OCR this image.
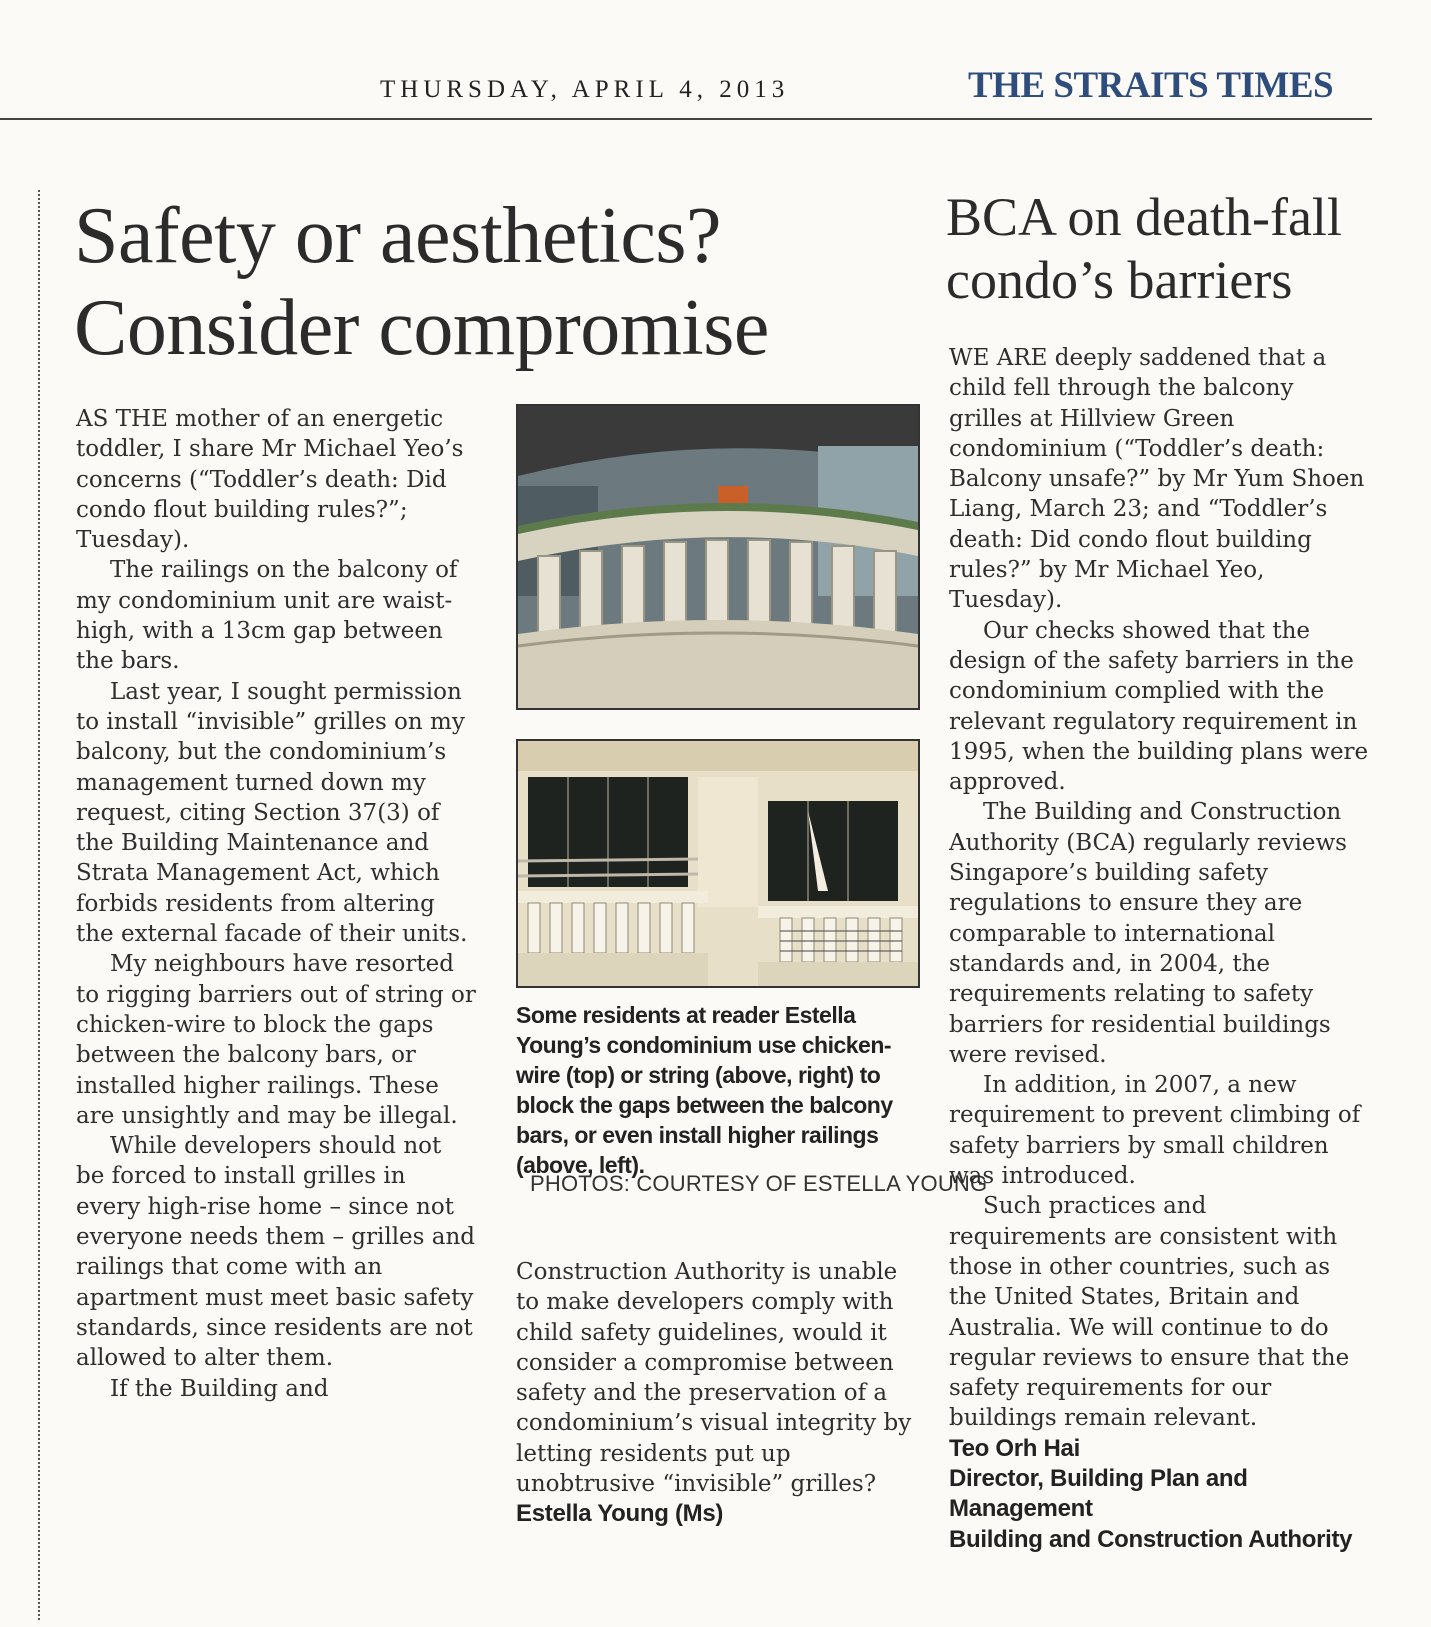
THURSDAY, APRIL 4, 2013	THE STRAITS TIMES
Safety or aesthetics?
Consider compromise
BCA on death-fall
condo’s barriers

AS THE mother of an energetic toddler, I share Mr Michael Yeo’s concerns (“Toddler’s death: Did condo flout building rules?”; Tuesday).

The railings on the balcony of my condominium unit are waist-high, with a 13cm gap between the bars.

Last year, I sought permission to install “invisible” grilles on my balcony, but the condominium’s management turned down my request, citing Section 37(3) of the Building Maintenance and Strata Management Act, which forbids residents from altering the external facade of their units.

My neighbours have resorted to rigging barriers out of string or chicken-wire to block the gaps between the balcony bars, or installed higher railings. These are unsightly and may be illegal.

While developers should not be forced to install grilles in every high-rise home – since not everyone needs them – grilles and railings that come with an apartment must meet basic safety standards, since residents are not allowed to alter them.

If the Building and

Some residents at reader Estella Young’s condominium use chicken-wire (top) or string (above, right) to block the gaps between the balcony bars, or even install higher railings (above, left).
PHOTOS: COURTESY OF ESTELLA YOUNG

Construction Authority is unable to make developers comply with child safety guidelines, would it consider a compromise between safety and the preservation of a condominium’s visual integrity by letting residents put up unobtrusive “invisible” grilles?

Estella Young (Ms)

WE ARE deeply saddened that a child fell through the balcony grilles at Hillview Green condominium (“Toddler’s death: Balcony unsafe?” by Mr Yum Shoen Liang, March 23; and “Toddler’s death: Did condo flout building rules?” by Mr Michael Yeo, Tuesday).

Our checks showed that the design of the safety barriers in the condominium complied with the relevant regulatory requirement in 1995, when the building plans were approved.

The Building and Construction Authority (BCA) regularly reviews Singapore’s building safety regulations to ensure they are comparable to international standards and, in 2004, the requirements relating to safety barriers for residential buildings were revised.

In addition, in 2007, a new requirement to prevent climbing of safety barriers by small children was introduced.

Such practices and requirements are consistent with those in other countries, such as the United States, Britain and Australia. We will continue to do regular reviews to ensure that the safety requirements for our buildings remain relevant.

Teo Orh Hai

Director, Building Plan and Management

Building and Construction Authority
